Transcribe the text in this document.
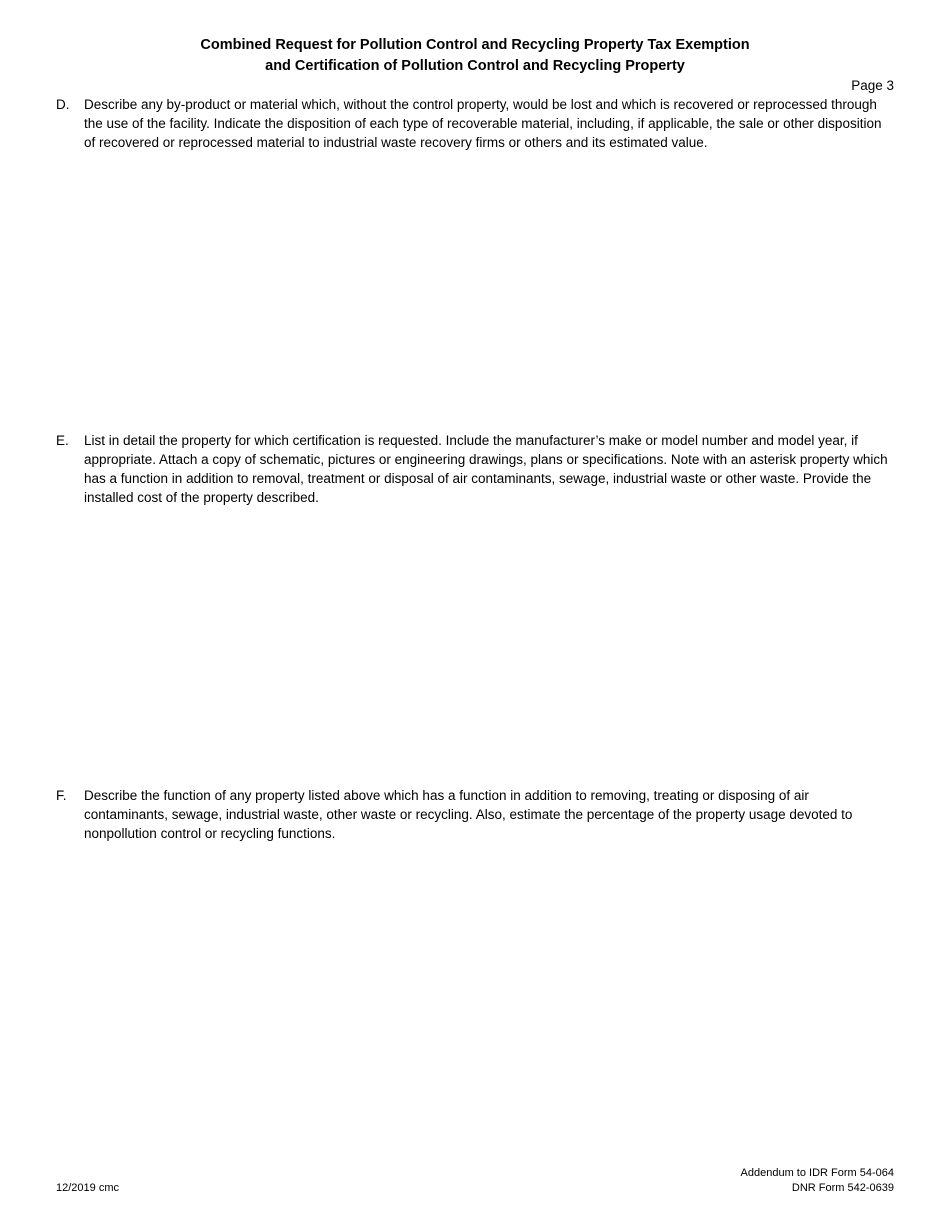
Combined Request for Pollution Control and Recycling Property Tax Exemption
and Certification of Pollution Control and Recycling Property
Page 3
D.	Describe any by-product or material which, without the control property, would be lost and which is recovered or reprocessed through the use of the facility. Indicate the disposition of each type of recoverable material, including, if applicable, the sale or other disposition of recovered or reprocessed material to industrial waste recovery firms or others and its estimated value.
E.	List in detail the property for which certification is requested. Include the manufacturer’s make or model number and model year, if appropriate. Attach a copy of schematic, pictures or engineering drawings, plans or specifications. Note with an asterisk property which has a function in addition to removal, treatment or disposal of air contaminants, sewage, industrial waste or other waste. Provide the installed cost of the property described.
F.	Describe the function of any property listed above which has a function in addition to removing, treating or disposing of air contaminants, sewage, industrial waste, other waste or recycling. Also, estimate the percentage of the property usage devoted to nonpollution control or recycling functions.
12/2019 cmc
Addendum to IDR Form 54-064
DNR Form 542-0639
